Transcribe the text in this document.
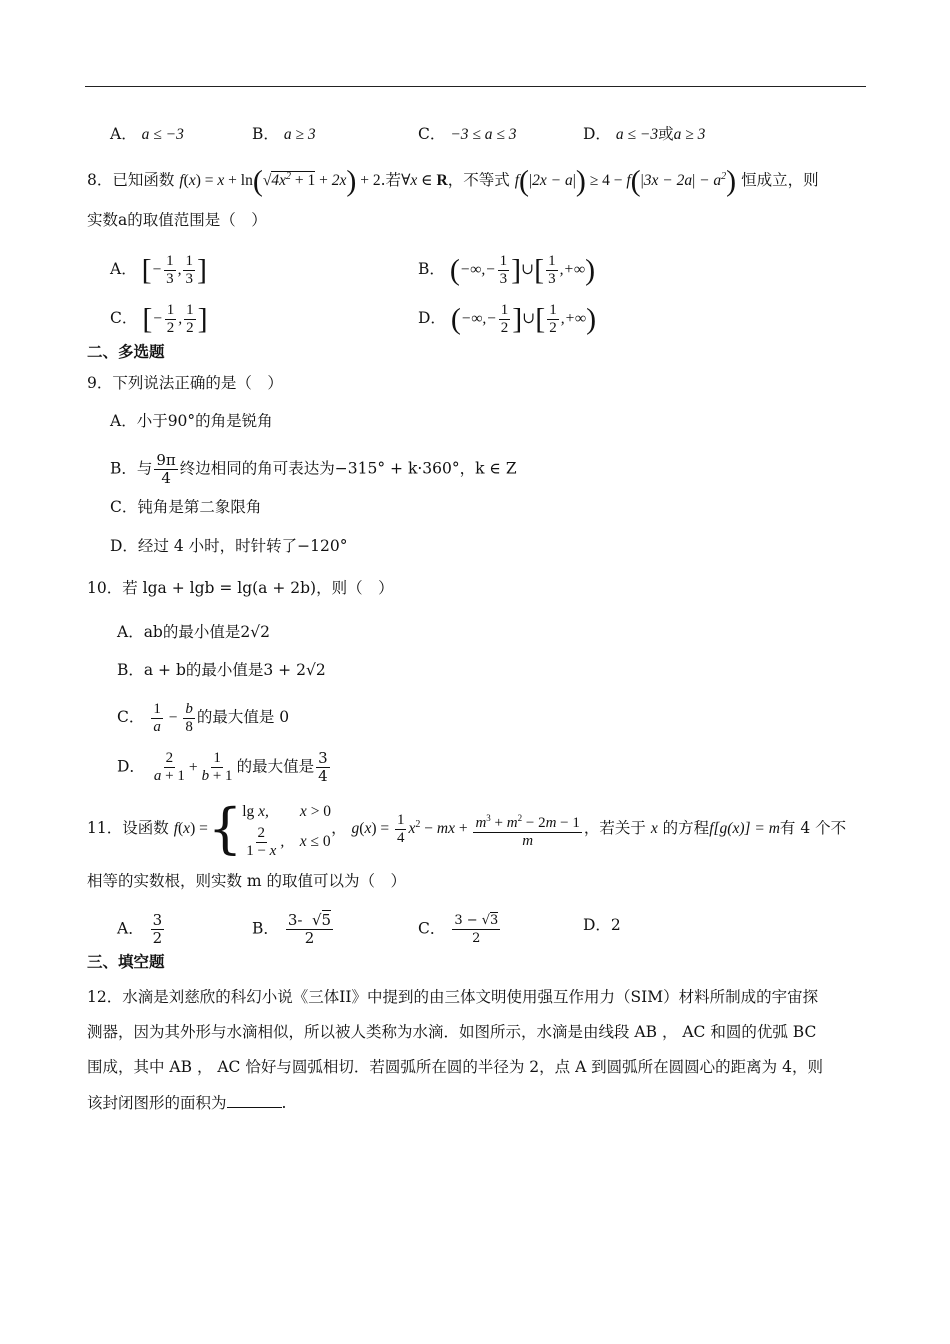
A． a ≤ −3	B． a ≥ 3	C． −3 ≤ a ≤ 3	D． a ≤ −3或a ≥ 3
8．已知函数 $f(x) = x + \ln(√4x^2 + 1 + 2x) + 2$.若∀x ∈ R，不等式 $f(|2x - a|) \ge 4 - f(|3x - 2a| - a^2)$ 恒成立，则
实数a的取值范围是（　）
A． [− $\frac{1}{3}$ , $\frac{1}{3}$ ]	B． (−∞,− $\frac{1}{3}$ ]∪[ $\frac{1}{3}$ ,+∞)
C． [− $\frac{1}{2}$ , $\frac{1}{2}$ ]	D． (−∞,− $\frac{1}{2}$ ]∪[ $\frac{1}{2}$ ,+∞)
二、多选题
9．下列说法正确的是（　）
A．小于90°的角是锐角
B．与 $\frac{9\pi}{4}$ 终边相同的角可表达为−315° + k·360°，k ∈ Z
C．钝角是第二象限角
D．经过 4 小时，时针转了−120°
10．若 lga + lgb = lg(a + 2b)，则（　）
A．ab的最小值是2√2
B．a + b的最小值是3 + 2√2
C． $\frac{1}{a} - \frac{b}{8}$ 的最大值是 0
D． $\frac{2}{a + 1} + \frac{1}{b + 1}$ 的最大值是 $\frac{3}{4}$
11．设函数 f(x) ={ lg x,　　 x > 0
$\frac{2}{1 - x}$ ,　 x ≤ 0
， $g(x) = \frac{1}{4} x^2$ − mx + $\frac{m^3 + m^2 - 2m - 1}{m}$ ，若关于 x 的方程f[g(x)] = m有 4 个不
相等的实数根，则实数 m 的取值可以为（　）
A． $\frac{3}{2}$	B． $\frac{3- √5}{2}$	C． $\frac{3 - √3}{2}$	D．2
三、填空题
12．水滴是刘慈欣的科幻小说《三体II》中提到的由三体文明使用强互作用力（SIM）材料所制成的宇宙探
测器，因为其外形与水滴相似，所以被人类称为水滴．如图所示，水滴是由线段 AB ， AC 和圆的优弧 BC
围成，其中 AB ， AC 恰好与圆弧相切．若圆弧所在圆的半径为 2，点 A 到圆弧所在圆圆心的距离为 4，则
该封闭图形的面积为	.
